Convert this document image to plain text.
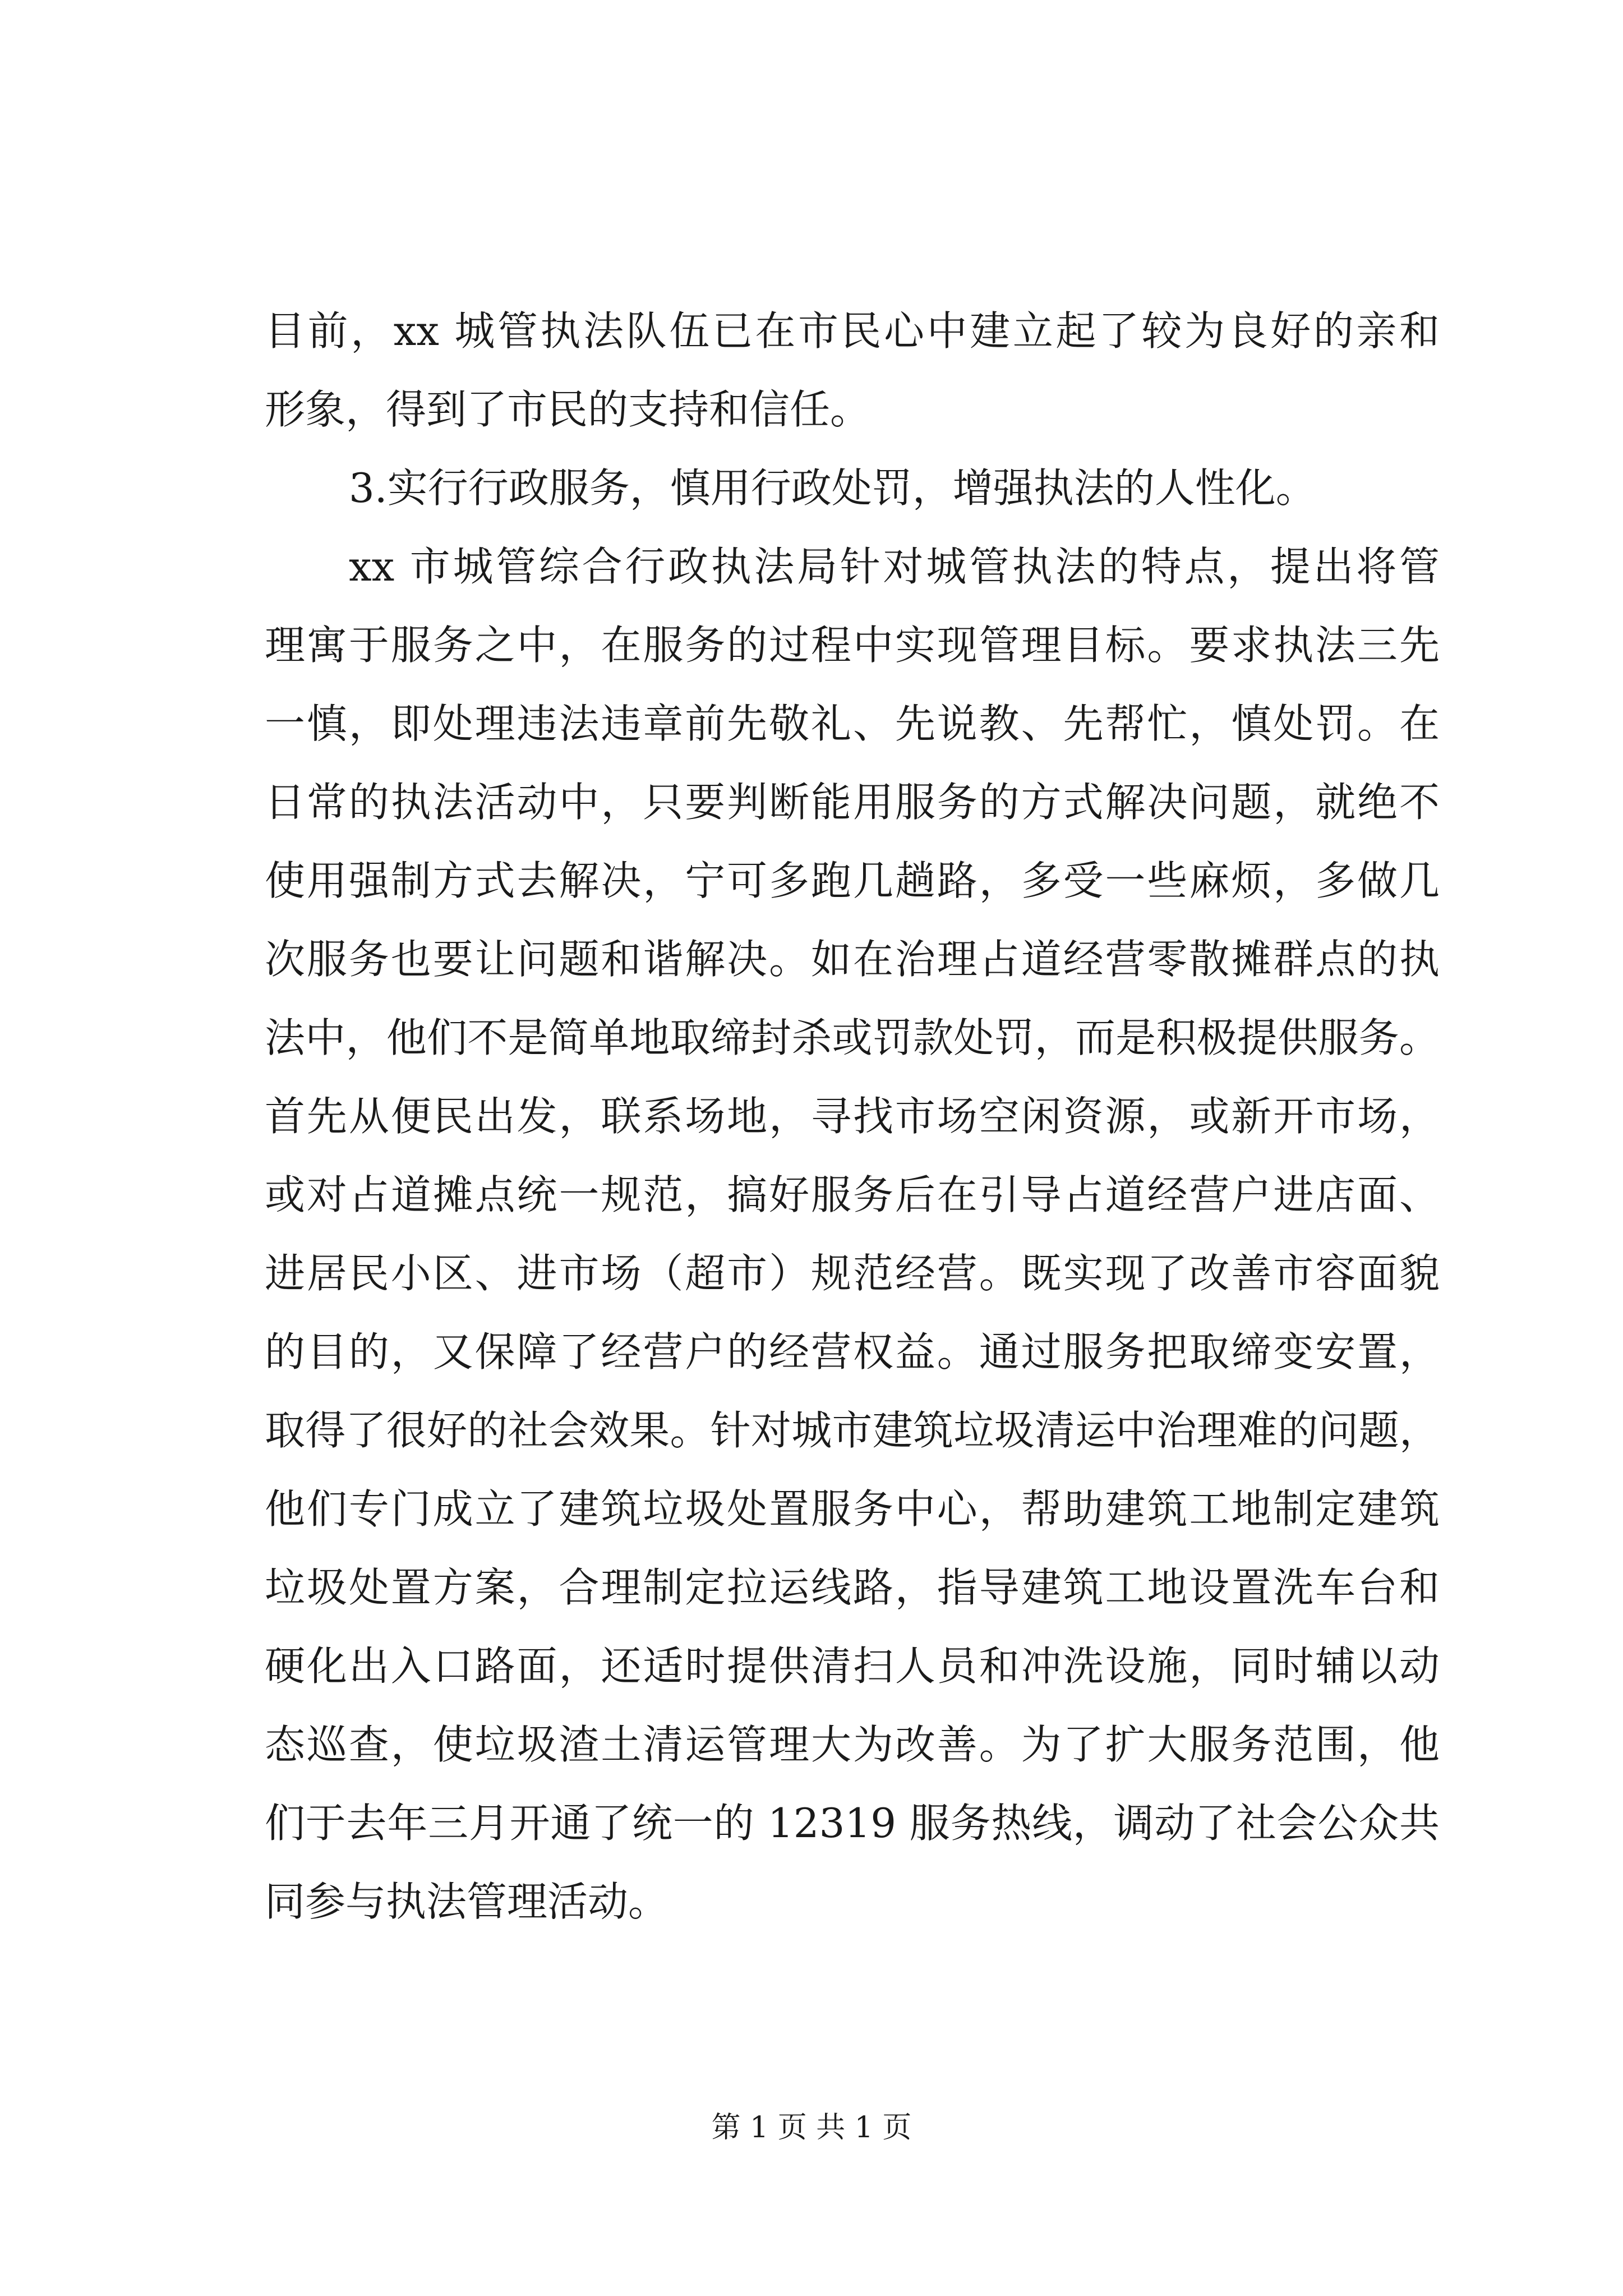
目前，xx 城管执法队伍已在市民心中建立起了较为良好的亲和
形象，得到了市民的支持和信任。
3.实行行政服务，慎用行政处罚，增强执法的人性化。
xx 市城管综合行政执法局针对城管执法的特点，提出将管
理寓于服务之中，在服务的过程中实现管理目标。要求执法三先
一慎，即处理违法违章前先敬礼、先说教、先帮忙，慎处罚。在
日常的执法活动中，只要判断能用服务的方式解决问题，就绝不
使用强制方式去解决，宁可多跑几趟路，多受一些麻烦，多做几
次服务也要让问题和谐解决。如在治理占道经营零散摊群点的执
法中，他们不是简单地取缔封杀或罚款处罚，而是积极提供服务。
首先从便民出发，联系场地，寻找市场空闲资源，或新开市场，
或对占道摊点统一规范，搞好服务后在引导占道经营户进店面、
进居民小区、进市场（超市）规范经营。既实现了改善市容面貌
的目的，又保障了经营户的经营权益。通过服务把取缔变安置，
取得了很好的社会效果。针对城市建筑垃圾清运中治理难的问题，
他们专门成立了建筑垃圾处置服务中心，帮助建筑工地制定建筑
垃圾处置方案，合理制定拉运线路，指导建筑工地设置洗车台和
硬化出入口路面，还适时提供清扫人员和冲洗设施，同时辅以动
态巡查，使垃圾渣土清运管理大为改善。为了扩大服务范围，他
们于去年三月开通了统一的 12319 服务热线，调动了社会公众共
同参与执法管理活动。
第 1 页 共 1 页
